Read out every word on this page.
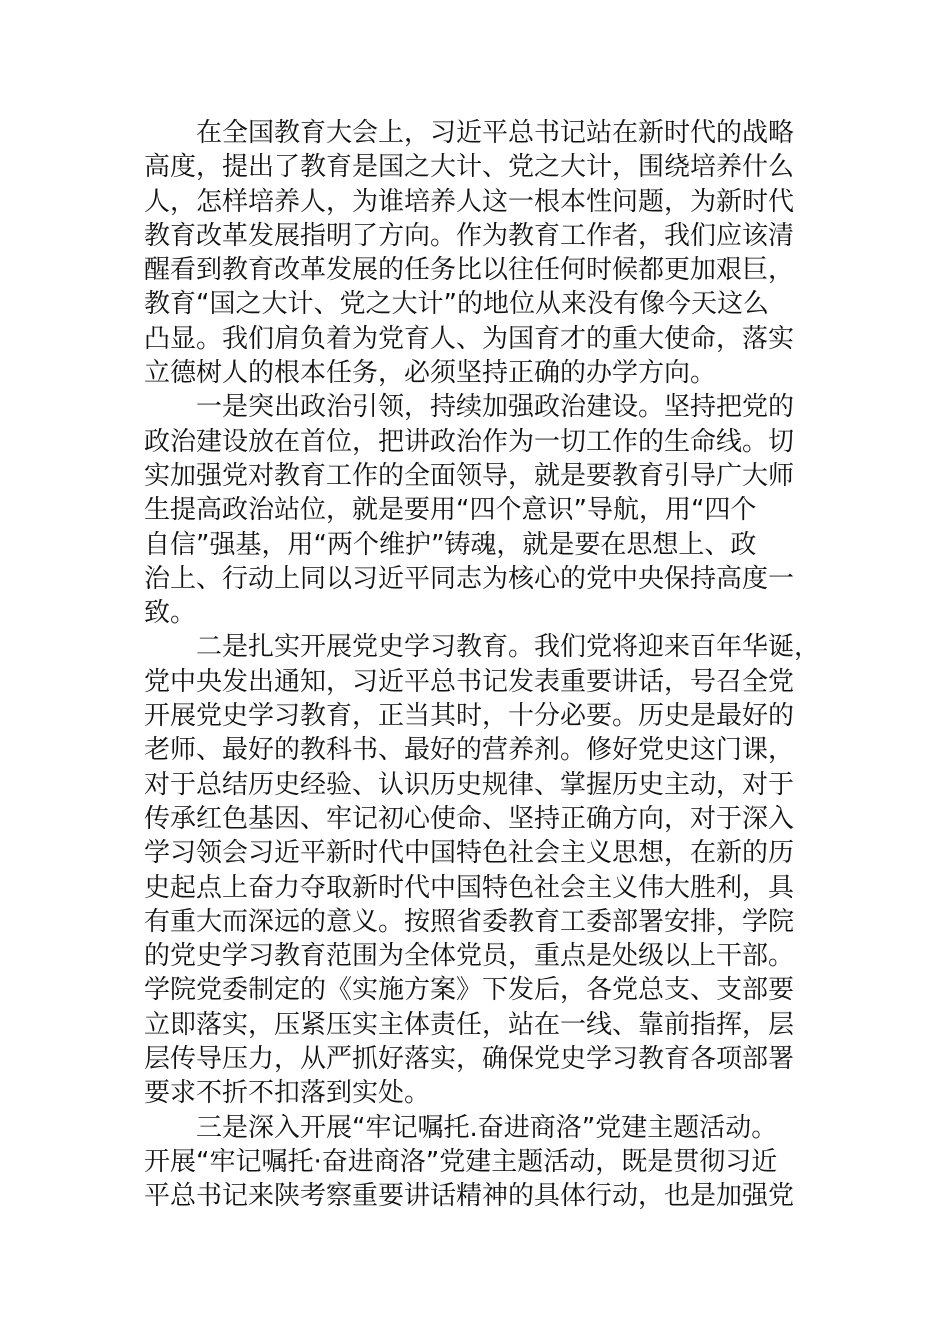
在全国教育大会上，习近平总书记站在新时代的战略
高度，提出了教育是国之大计、党之大计，围绕培养什么
人，怎样培养人，为谁培养人这一根本性问题，为新时代
教育改革发展指明了方向。作为教育工作者，我们应该清
醒看到教育改革发展的任务比以往任何时候都更加艰巨，
教育“国之大计、党之大计”的地位从来没有像今天这么
凸显。我们肩负着为党育人、为国育才的重大使命，落实
立德树人的根本任务，必须坚持正确的办学方向。
一是突出政治引领，持续加强政治建设。坚持把党的
政治建设放在首位，把讲政治作为一切工作的生命线。切
实加强党对教育工作的全面领导，就是要教育引导广大师
生提高政治站位，就是要用“四个意识”导航，用“四个
自信”强基，用“两个维护”铸魂，就是要在思想上、政
治上、行动上同以习近平同志为核心的党中央保持高度一
致。
二是扎实开展党史学习教育。我们党将迎来百年华诞，
党中央发出通知，习近平总书记发表重要讲话，号召全党
开展党史学习教育，正当其时，十分必要。历史是最好的
老师、最好的教科书、最好的营养剂。修好党史这门课，
对于总结历史经验、认识历史规律、掌握历史主动，对于
传承红色基因、牢记初心使命、坚持正确方向，对于深入
学习领会习近平新时代中国特色社会主义思想，在新的历
史起点上奋力夺取新时代中国特色社会主义伟大胜利，具
有重大而深远的意义。按照省委教育工委部署安排，学院
的党史学习教育范围为全体党员，重点是处级以上干部。
学院党委制定的《实施方案》下发后，各党总支、支部要
立即落实，压紧压实主体责任，站在一线、靠前指挥，层
层传导压力，从严抓好落实，确保党史学习教育各项部署
要求不折不扣落到实处。
三是深入开展“牢记嘱托.奋进商洛”党建主题活动。
开展“牢记嘱托·奋进商洛”党建主题活动，既是贯彻习近
平总书记来陕考察重要讲话精神的具体行动，也是加强党
